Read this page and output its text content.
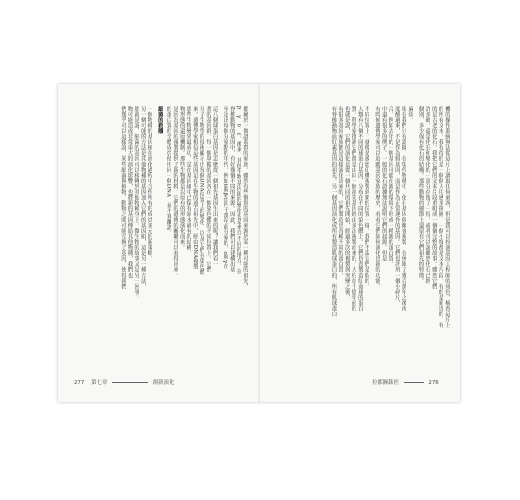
都屬於一個譜系群的家族。雖然有些個別的基因來源於某一種可能的祖先，
β、γ、δ、ε。後來，其他生物基因組的變化也是來自不同的地方。在
脊椎動物的基因中，有好幾個不同的來源。因此，我們可以建構出基
至定出每個分家點的年代。例如δ與β在四千萬年前分家的，ε與γ在
這八個球蛋白基因是怎麼從一個祖先基因生出來的呢？讓我們看一
著的基因群。每一個單獨的基因各在一個染色體的不同位置上。它們
分子生物學的技術顯示出每個DNA位置上的變化，以及它們在染色體
來。遺傳學家相信這些基因是在生物的遠古祖先中，經由DNA複製
那些生物變異最成功，是在基因組中已保有原本就有的結構。
物形態的還原機制。那些生物都是以原有的形態演化而來。
是因為基因的複製提供了新的材料。它們的遺傳的關聯可以看得出來。
的蛋白質的全體成員使用同一個DNA，並不算離譜。
細菌的救贖
一個物種的基因組在演化過程中合作所有的成員多元的新策略。
另一個可能的方法是其他物種的基因加入它們的基因組，這是另一種方法，
那就是說，細菌的基因可以移轉到其他物種身上。微生物的故事又是另一回事。
物可能造成非常重大的演化影響，也將新的基因傳給其他物種，我們也
們幾乎可以這樣說，某些細菌與植物、動物之間可能互換了基因，使得我們
277 第七章	創新演化
機的操作系統無法從這片上讀取任何東西，但是我可以扮演基因工程師的角色，檢查這片上
的所有文本。我有得的是一個個人用感多拼圖，一個小塊都是文本片段，有的是新近的，有
的是古老的化石。我把它們的文本片段重組成一個個完整的故事。雖然它們
許多碼。還是化石和變化的一部分存留了一份。或者可以說雖然化石已經
個別，多少保有化石的結構。那些動物的細節上還留有它們祖先的特徵。
麻煩。
現在我們只有證據，在現代物種中，化石基因偶爾會複製，在休眠了幾百萬年之後再
度醒過來，不是作為假基因，而是作為正常運作的基因。它們也許用一個小碎片，
合，例如去年的一個基因可能在新的環境下形成一種新的蛋白質。
中還有很多的例子。一般的化石證據無法說明它們的起源。但是
有時候遺傳學家可以追蹤基因家族的歷史，看看它們如何演化出新的功能。
不同位置上，就像是被影印機複製到新的位置一樣。我們不說它們是假的。
人類有八個不同的球蛋白基因，分布在不同的染色體上。它們負責製造紅血球的蛋白
質。科學家推測它們都是由同一個祖先基因經由多次複製而來的。大約在十億年前的
也就是說，它們的演化是從一個共同的祖先開始，經過多次的複製與突變之後，
有很多基因家族都是這樣演化出來的，它們製造出各種不同的蛋白質，
有脊椎動物血紅素基因的祖先。另一個基因演化成所有製造肌球蛋白的，所有肌球蛋白
拉都鐘錶匠	276
